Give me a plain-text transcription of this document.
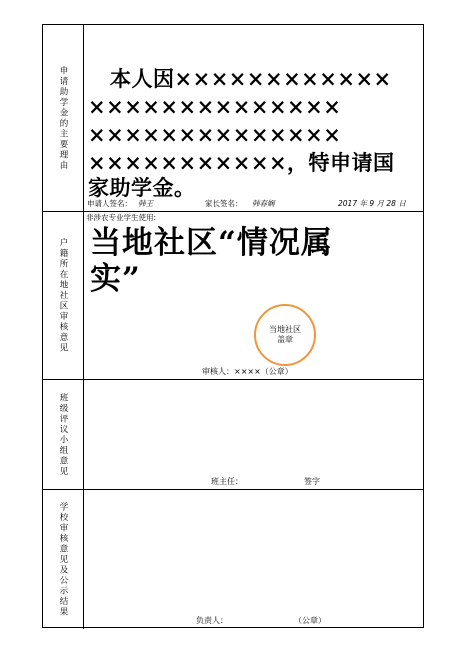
申请助学金的主要理由 本人因××××××××××××
××××××××××××××
××××××××××××××
×××××××××××，特申请国
家助学金。
申请人签名： 韩王	家长签名： 韩春娴	2017 年 9 月 28 日
户籍所在地社区审核意见
非涉农专业学生使用:
当地社区“情况属
实”
当地社区盖章
审核人：××××（公章）
班级评议小组意见
班主任：	签字
学校审核意见及公示结果
负责人：	（公章）
